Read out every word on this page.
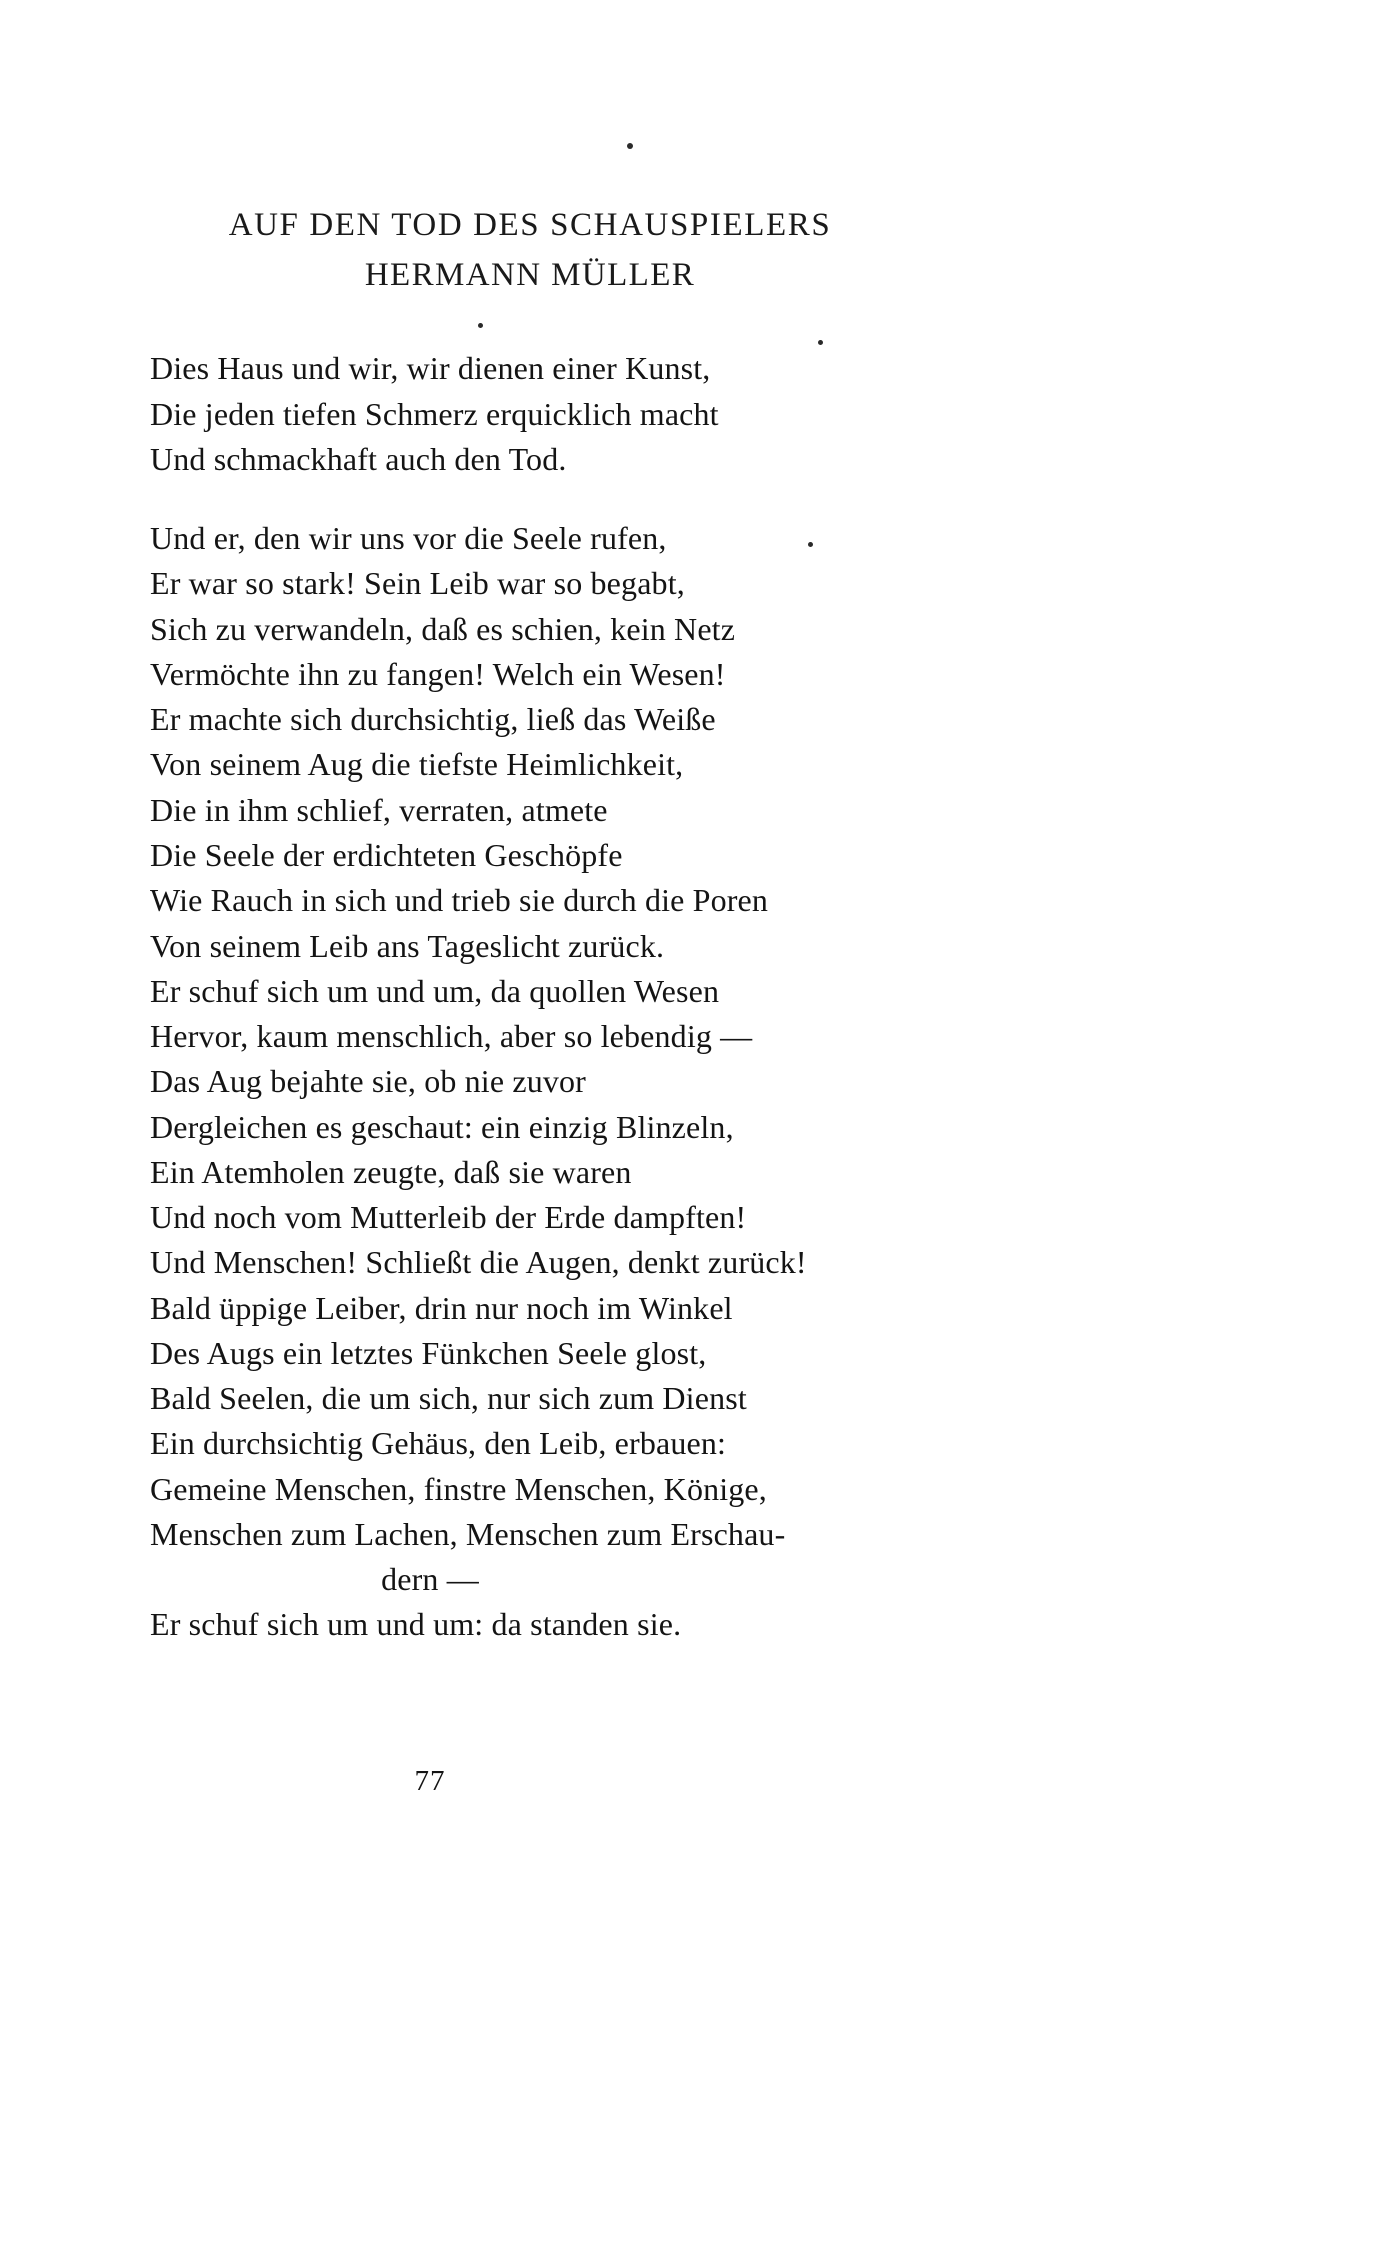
AUF DEN TOD DES SCHAUSPIELERS
HERMANN MÜLLER
Dies Haus und wir, wir dienen einer Kunst,
Die jeden tiefen Schmerz erquicklich macht
Und schmackhaft auch den Tod.
Und er, den wir uns vor die Seele rufen,
Er war so stark! Sein Leib war so begabt,
Sich zu verwandeln, daß es schien, kein Netz
Vermöchte ihn zu fangen! Welch ein Wesen!
Er machte sich durchsichtig, ließ das Weiße
Von seinem Aug die tiefste Heimlichkeit,
Die in ihm schlief, verraten, atmete
Die Seele der erdichteten Geschöpfe
Wie Rauch in sich und trieb sie durch die Poren
Von seinem Leib ans Tageslicht zurück.
Er schuf sich um und um, da quollen Wesen
Hervor, kaum menschlich, aber so lebendig —
Das Aug bejahte sie, ob nie zuvor
Dergleichen es geschaut: ein einzig Blinzeln,
Ein Atemholen zeugte, daß sie waren
Und noch vom Mutterleib der Erde dampften!
Und Menschen! Schließt die Augen, denkt zurück!
Bald üppige Leiber, drin nur noch im Winkel
Des Augs ein letztes Fünkchen Seele glost,
Bald Seelen, die um sich, nur sich zum Dienst
Ein durchsichtig Gehäus, den Leib, erbauen:
Gemeine Menschen, finstre Menschen, Könige,
Menschen zum Lachen, Menschen zum Erschau-
dern —
Er schuf sich um und um: da standen sie.
77
